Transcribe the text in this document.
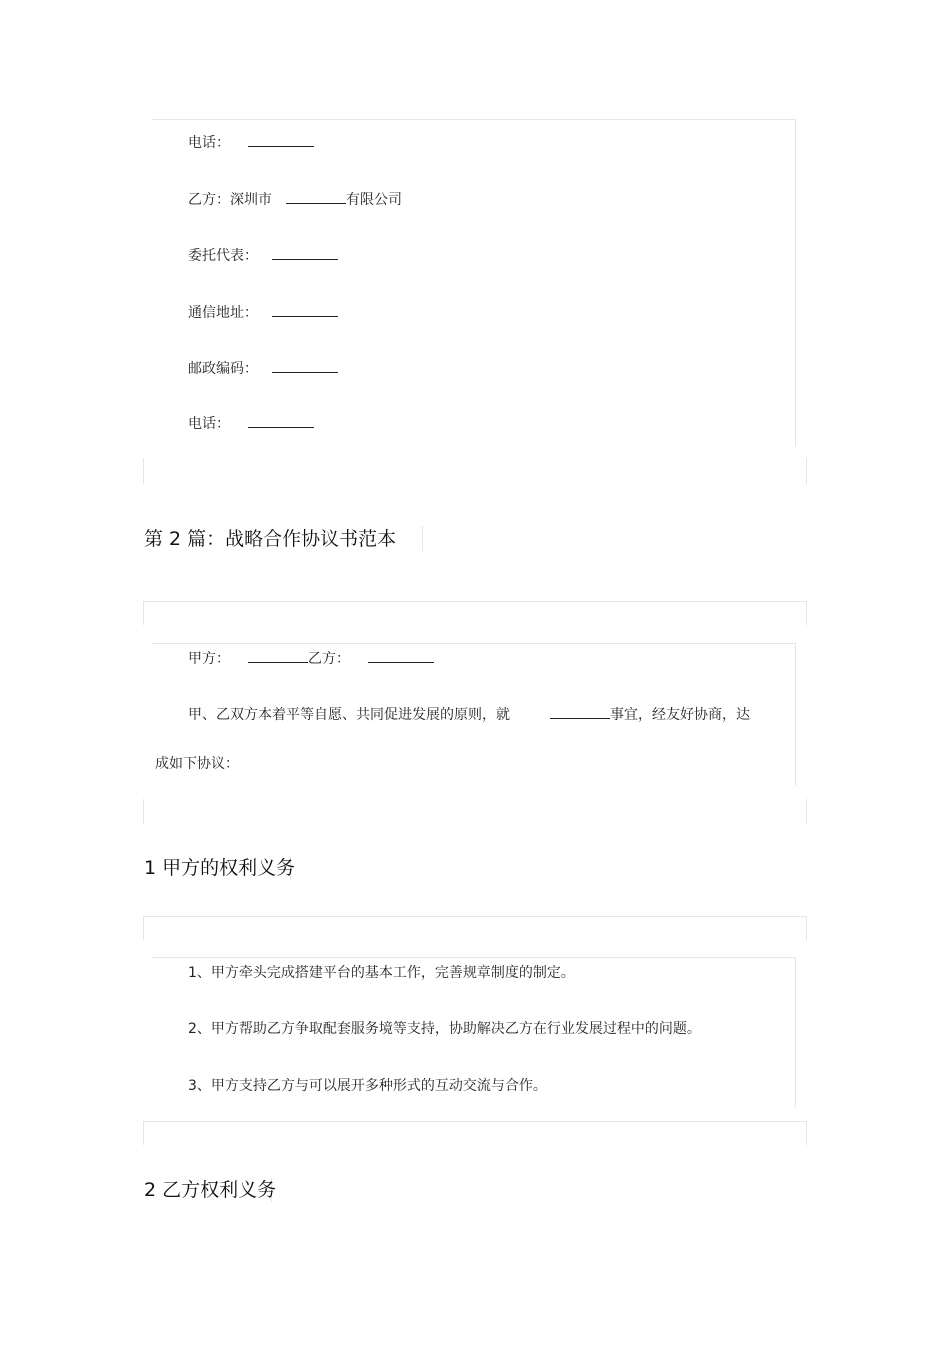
电话：
乙方：深圳市	有限公司
委托代表：
通信地址：
邮政编码：
电话：
第 2 篇：战略合作协议书范本
甲方：	乙方：
甲、乙双方本着平等自愿、共同促进发展的原则，就	事宜，经友好协商，达
成如下协议：
1 甲方的权利义务
1、甲方牵头完成搭建平台的基本工作，完善规章制度的制定。
2、甲方帮助乙方争取配套服务境等支持，协助解决乙方在行业发展过程中的问题。
3、甲方支持乙方与可以展开多种形式的互动交流与合作。
2 乙方权利义务
